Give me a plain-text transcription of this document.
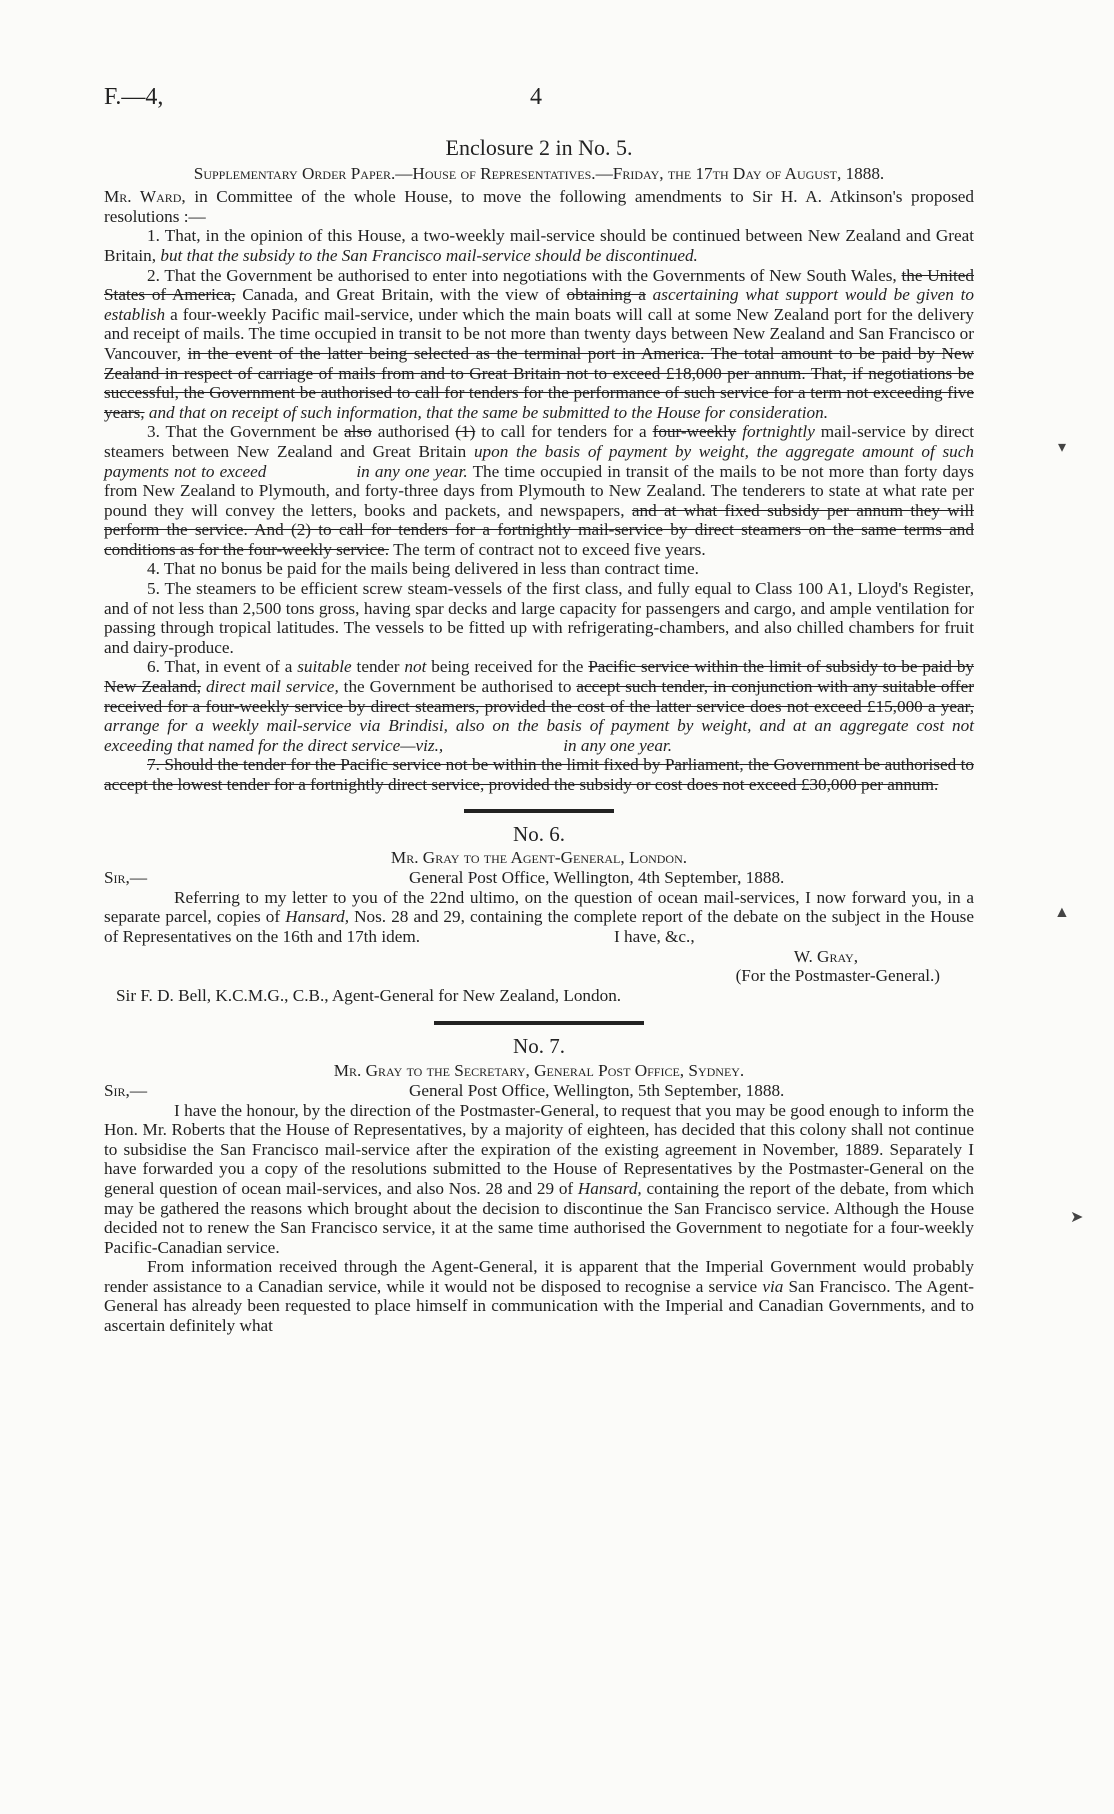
F.—4,	4
Enclosure 2 in No. 5.
Supplementary Order Paper.—House of Representatives.—Friday, the 17th Day of August, 1888.

Mr. Ward, in Committee of the whole House, to move the following amendments to Sir H. A. Atkinson's proposed resolutions :—

1. That, in the opinion of this House, a two-weekly mail-service should be continued between New Zealand and Great Britain, but that the subsidy to the San Francisco mail-service should be discontinued.

2. That the Government be authorised to enter into negotiations with the Governments of New South Wales, the United States of America, Canada, and Great Britain, with the view of obtaining a ascertaining what support would be given to establish a four-weekly Pacific mail-service, under which the main boats will call at some New Zealand port for the delivery and receipt of mails. The time occupied in transit to be not more than twenty days between New Zealand and San Francisco or Vancouver, in the event of the latter being selected as the terminal port in America. The total amount to be paid by New Zealand in respect of carriage of mails from and to Great Britain not to exceed £18,000 per annum. That, if negotiations be successful, the Government be authorised to call for tenders for the performance of such service for a term not exceeding five years, and that on receipt of such information, that the same be submitted to the House for consideration.

3. That the Government be also authorised (1) to call for tenders for a four-weekly fortnightly mail-service by direct steamers between New Zealand and Great Britain upon the basis of payment by weight, the aggregate amount of such payments not to exceed	in any one year. The time occupied in transit of the mails to be not more than forty days from New Zealand to Plymouth, and forty-three days from Plymouth to New Zealand. The tenderers to state at what rate per pound they will convey the letters, books and packets, and newspapers, and at what fixed subsidy per annum they will perform the service. And (2) to call for tenders for a fortnightly mail-service by direct steamers on the same terms and conditions as for the four-weekly service. The term of contract not to exceed five years.

4. That no bonus be paid for the mails being delivered in less than contract time.

5. The steamers to be efficient screw steam-vessels of the first class, and fully equal to Class 100 A1, Lloyd's Register, and of not less than 2,500 tons gross, having spar decks and large capacity for passengers and cargo, and ample ventilation for passing through tropical latitudes. The vessels to be fitted up with refrigerating-chambers, and also chilled chambers for fruit and dairy-produce.

6. That, in event of a suitable tender not being received for the Pacific service within the limit of subsidy to be paid by New Zealand, direct mail service, the Government be authorised to accept such tender, in conjunction with any suitable offer received for a four-weekly service by direct steamers, provided the cost of the latter service does not exceed £15,000 a year, arrange for a weekly mail-service via Brindisi, also on the basis of payment by weight, and at an aggregate cost not exceeding that named for the direct service—viz.,	in any one year.

7. Should the tender for the Pacific service not be within the limit fixed by Parliament, the Government be authorised to accept the lowest tender for a fortnightly direct service, provided the subsidy or cost does not exceed £30,000 per annum.

No. 6.
Mr. Gray to the Agent-General, London.
Sir,—	General Post Office, Wellington, 4th September, 1888.

Referring to my letter to you of the 22nd ultimo, on the question of ocean mail-services, I now forward you, in a separate parcel, copies of Hansard, Nos. 28 and 29, containing the complete report of the debate on the subject in the House of Representatives on the 16th and 17th idem.	I have, &c.,
W. Gray,
(For the Postmaster-General.)
Sir F. D. Bell, K.C.M.G., C.B., Agent-General for New Zealand, London.
No. 7.
Mr. Gray to the Secretary, General Post Office, Sydney.
Sir,—	General Post Office, Wellington, 5th September, 1888.

I have the honour, by the direction of the Postmaster-General, to request that you may be good enough to inform the Hon. Mr. Roberts that the House of Representatives, by a majority of eighteen, has decided that this colony shall not continue to subsidise the San Francisco mail-service after the expiration of the existing agreement in November, 1889. Separately I have forwarded you a copy of the resolutions submitted to the House of Representatives by the Postmaster-General on the general question of ocean mail-services, and also Nos. 28 and 29 of Hansard, containing the report of the debate, from which may be gathered the reasons which brought about the decision to discontinue the San Francisco service. Although the House decided not to renew the San Francisco service, it at the same time authorised the Government to negotiate for a four-weekly Pacific-Canadian service.

From information received through the Agent-General, it is apparent that the Imperial Government would probably render assistance to a Canadian service, while it would not be disposed to recognise a service via San Francisco. The Agent-General has already been requested to place himself in communication with the Imperial and Canadian Governments, and to ascertain definitely what

▾
▲
➤
